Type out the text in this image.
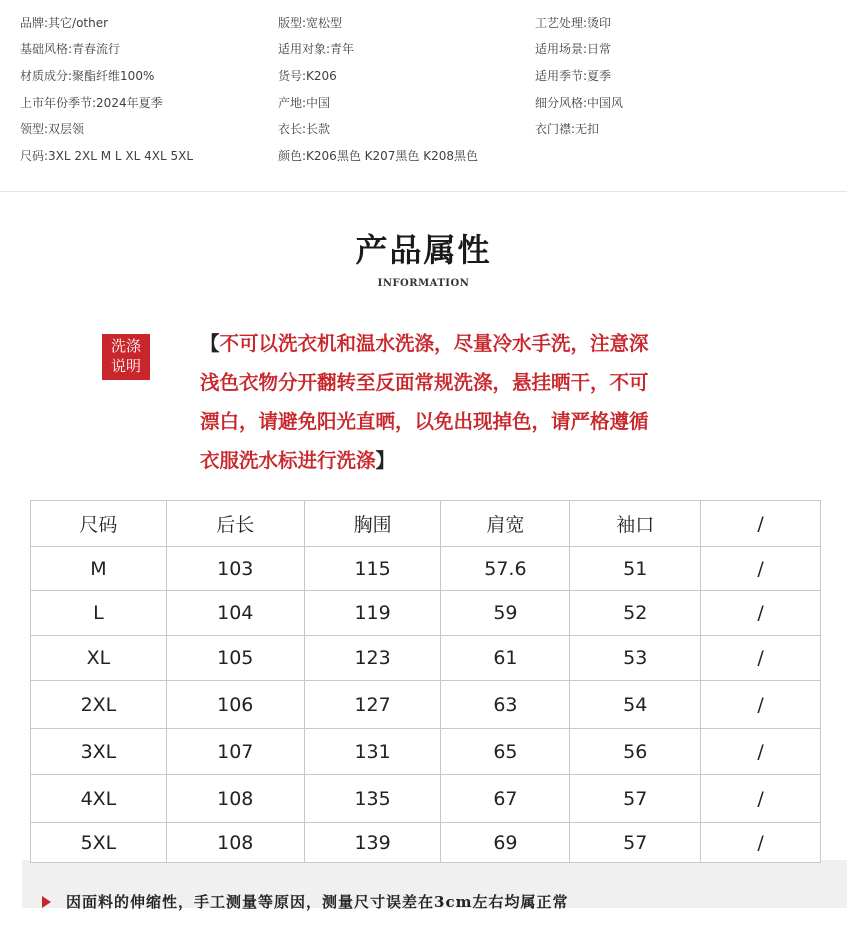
品牌:其它/other	版型:宽松型	工艺处理:烫印
基础风格:青春流行	适用对象:青年	适用场景:日常
材质成分:聚酯纤维100%	货号:K206	适用季节:夏季
上市年份季节:2024年夏季	产地:中国	细分风格:中国风
领型:双层领	衣长:长款	衣门襟:无扣
尺码:3XL 2XL M L XL 4XL 5XL	颜色:K206黑色 K207黑色 K208黑色
产品属性
INFORMATION
洗涤
说明
【不可以洗衣机和温水洗涤，尽量冷水手洗，注意深浅色衣物分开翻转至反面常规洗涤，悬挂晒干，不可漂白，请避免阳光直晒，以免出现掉色，请严格遵循衣服洗水标进行洗涤】
因面料的伸缩性，手工测量等原因，测量尺寸误差在3cm左右均属正常
尺码	后长	胸围	肩宽	袖口	/
M	103	115	57.6	51	/
L	104	119	59	52	/
XL	105	123	61	53	/
2XL	106	127	63	54	/
3XL	107	131	65	56	/
4XL	108	135	67	57	/
5XL	108	139	69	57	/
